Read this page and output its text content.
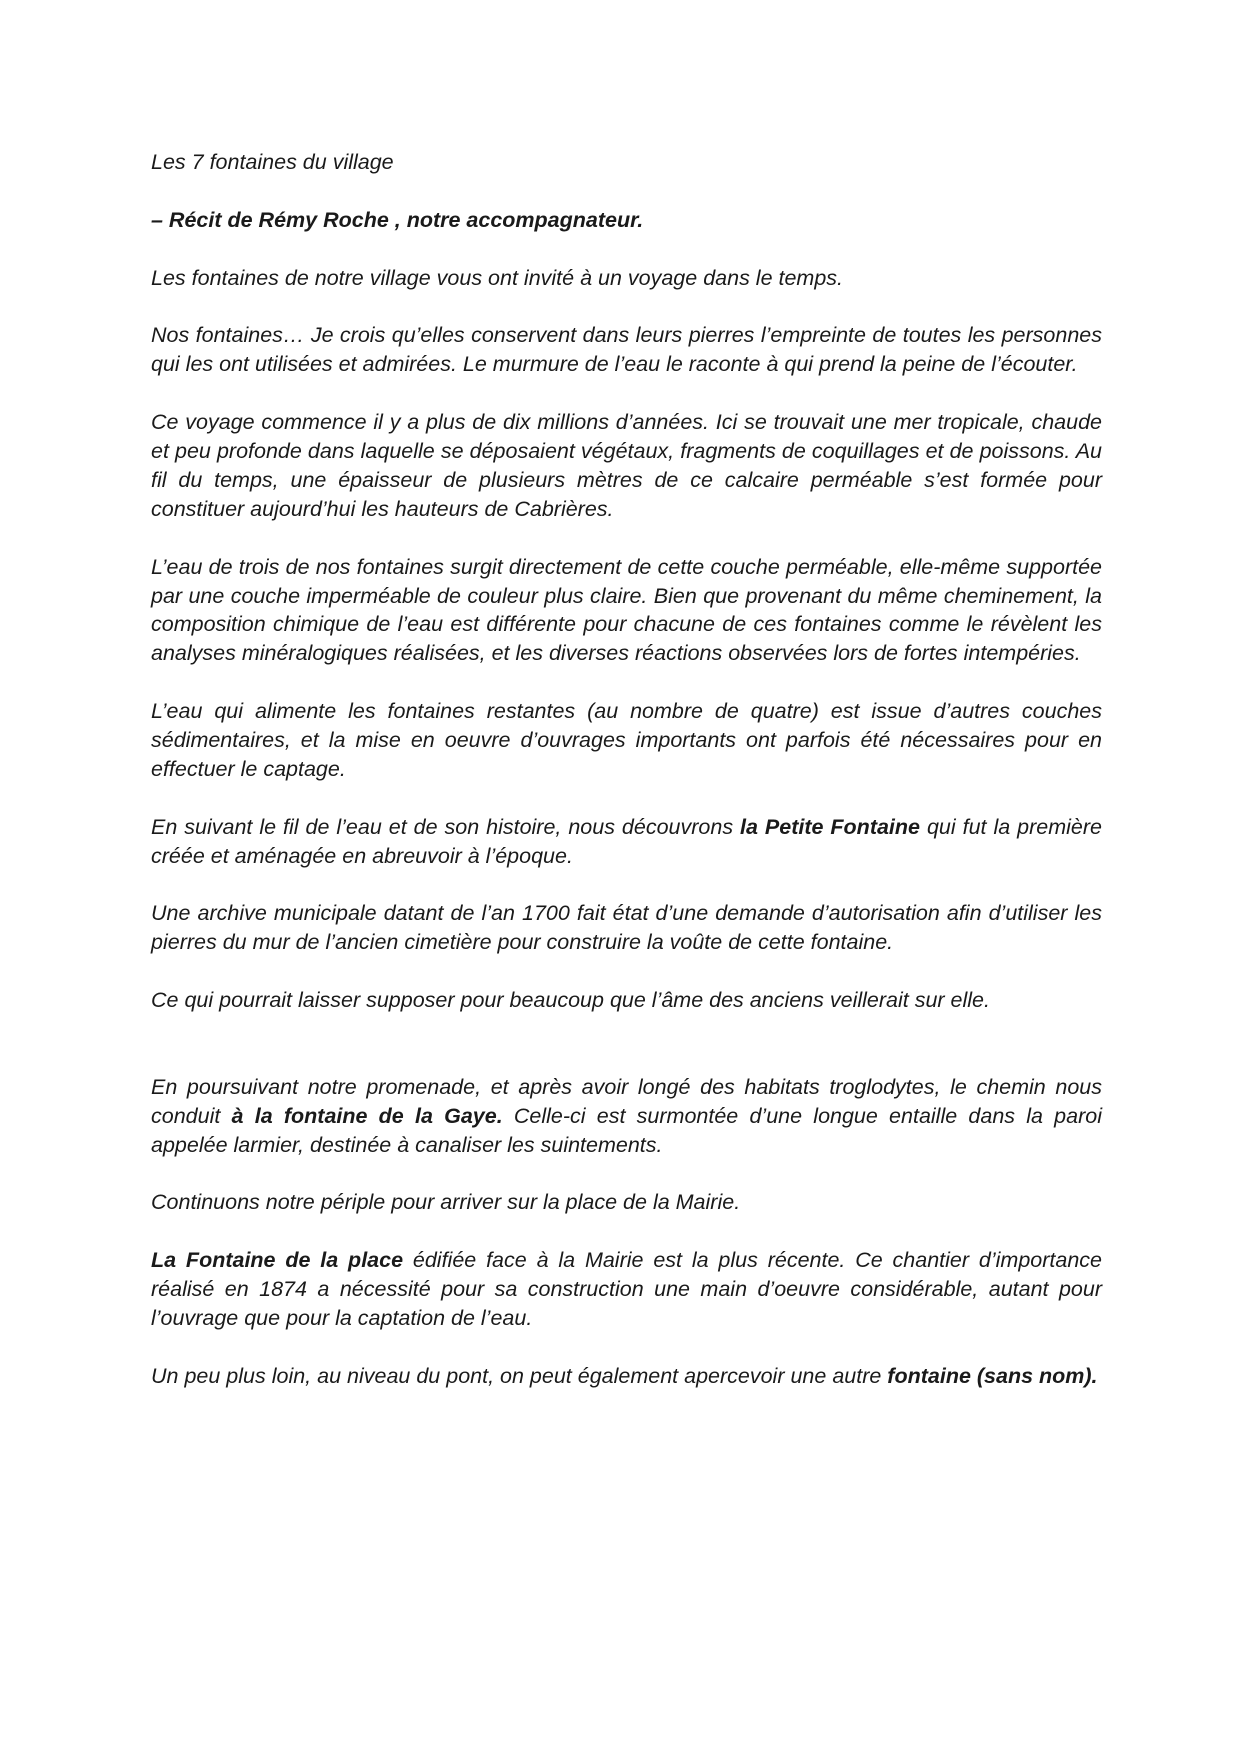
Les 7 fontaines du village

– Récit de Rémy Roche , notre accompagnateur.

Les fontaines de notre village vous ont invité à un voyage dans le temps.

Nos fontaines… Je crois qu’elles conservent dans leurs pierres l’empreinte de toutes les personnes qui les ont utilisées et admirées. Le murmure de l’eau le raconte à qui prend la peine de l’écouter.

Ce voyage commence il y a plus de dix millions d’années. Ici se trouvait une mer tropicale, chaude et peu profonde dans laquelle se déposaient végétaux, fragments de coquillages et de poissons. Au fil du temps, une épaisseur de plusieurs mètres de ce calcaire perméable s’est formée pour constituer aujourd’hui les hauteurs de Cabrières.

L’eau de trois de nos fontaines surgit directement de cette couche perméable, elle-même supportée par une couche imperméable de couleur plus claire. Bien que provenant du même cheminement, la composition chimique de l’eau est différente pour chacune de ces fontaines comme le révèlent les analyses minéralogiques réalisées, et les diverses réactions observées lors de fortes intempéries.

L’eau qui alimente les fontaines restantes (au nombre de quatre) est issue d’autres couches sédimentaires, et la mise en oeuvre d’ouvrages importants ont parfois été nécessaires pour en effectuer le captage.

En suivant le fil de l’eau et de son histoire, nous découvrons la Petite Fontaine qui fut la première créée et aménagée en abreuvoir à l’époque.

Une archive municipale datant de l’an 1700 fait état d’une demande d’autorisation afin d’utiliser les pierres du mur de l’ancien cimetière pour construire la voûte de cette fontaine.

Ce qui pourrait laisser supposer pour beaucoup que l’âme des anciens veillerait sur elle.

En poursuivant notre promenade, et après avoir longé des habitats troglodytes, le chemin nous conduit à la fontaine de la Gaye. Celle-ci est surmontée d’une longue entaille dans la paroi appelée larmier, destinée à canaliser les suintements.

Continuons notre périple pour arriver sur la place de la Mairie.

La Fontaine de la place édifiée face à la Mairie est la plus récente. Ce chantier d’importance réalisé en 1874 a nécessité pour sa construction une main d’oeuvre considérable, autant pour l’ouvrage que pour la captation de l’eau.

Un peu plus loin, au niveau du pont, on peut également apercevoir une autre fontaine (sans nom).
